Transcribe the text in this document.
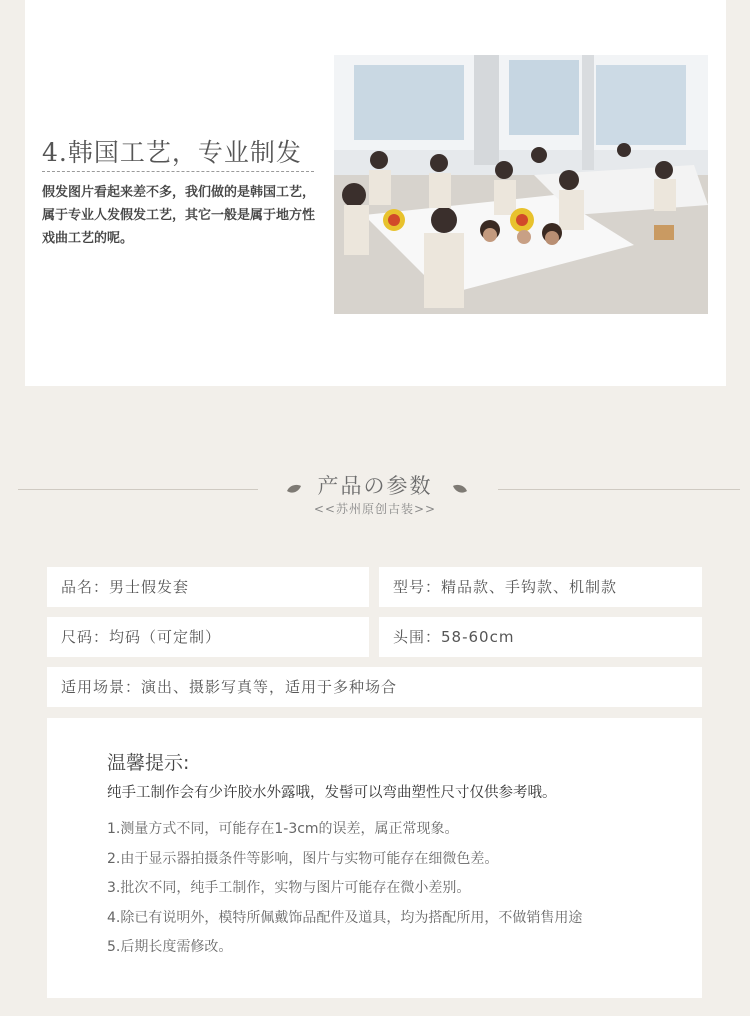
4.韩国工艺，专业制发
假发图片看起来差不多，我们做的是韩国工艺，属于专业人发假发工艺，其它一般是属于地方性戏曲工艺的呢。
产品の参数
<<苏州原创古装>>
品名：男士假发套	型号：精品款、手钩款、机制款
尺码：均码（可定制）	头围：58-60cm
适用场景：演出、摄影写真等，适用于多种场合
温馨提示:
纯手工制作会有少许胶水外露哦，发髻可以弯曲塑性尺寸仅供参考哦。
1.测量方式不同，可能存在1-3cm的误差，属正常现象。
2.由于显示器拍摄条件等影响，图片与实物可能存在细微色差。
3.批次不同，纯手工制作，实物与图片可能存在微小差别。
4.除已有说明外，模特所佩戴饰品配件及道具，均为搭配所用，不做销售用途
5.后期长度需修改。
